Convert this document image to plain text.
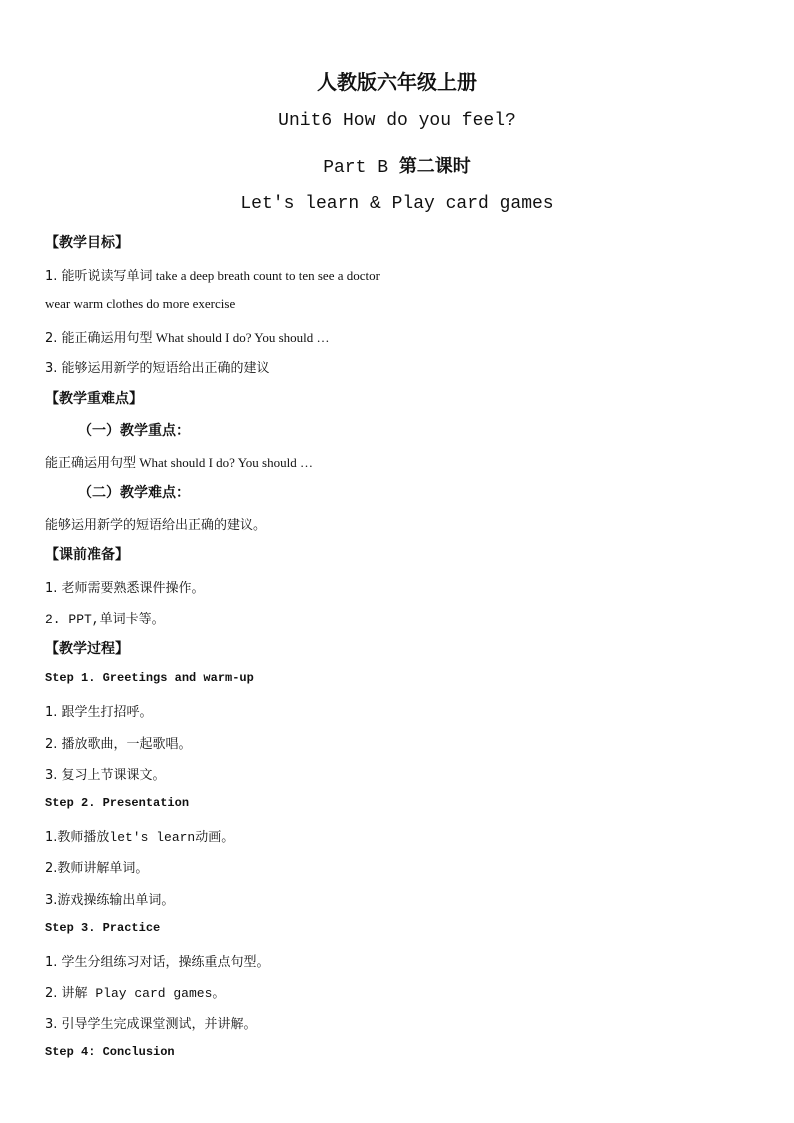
人教版六年级上册
Unit6 How do you feel?
Part B 第二课时
Let's learn & Play card games
【教学目标】
1. 能听说读写单词 take a deep breath count to ten see a doctor
wear warm clothes do more exercise
2. 能正确运用句型 What should I do? You should …
3. 能够运用新学的短语给出正确的建议
【教学重难点】
（一）教学重点：
能正确运用句型 What should I do? You should …
（二）教学难点：
能够运用新学的短语给出正确的建议。
【课前准备】
1. 老师需要熟悉课件操作。
2. PPT,单词卡等。
【教学过程】
Step 1. Greetings and warm-up
1. 跟学生打招呼。
2. 播放歌曲，一起歌唱。
3. 复习上节课课文。
Step 2. Presentation
1.教师播放let's learn动画。
2.教师讲解单词。
3.游戏操练输出单词。
Step 3. Practice
1. 学生分组练习对话，操练重点句型。
2. 讲解 Play card games。
3. 引导学生完成课堂测试，并讲解。
Step 4: Conclusion
